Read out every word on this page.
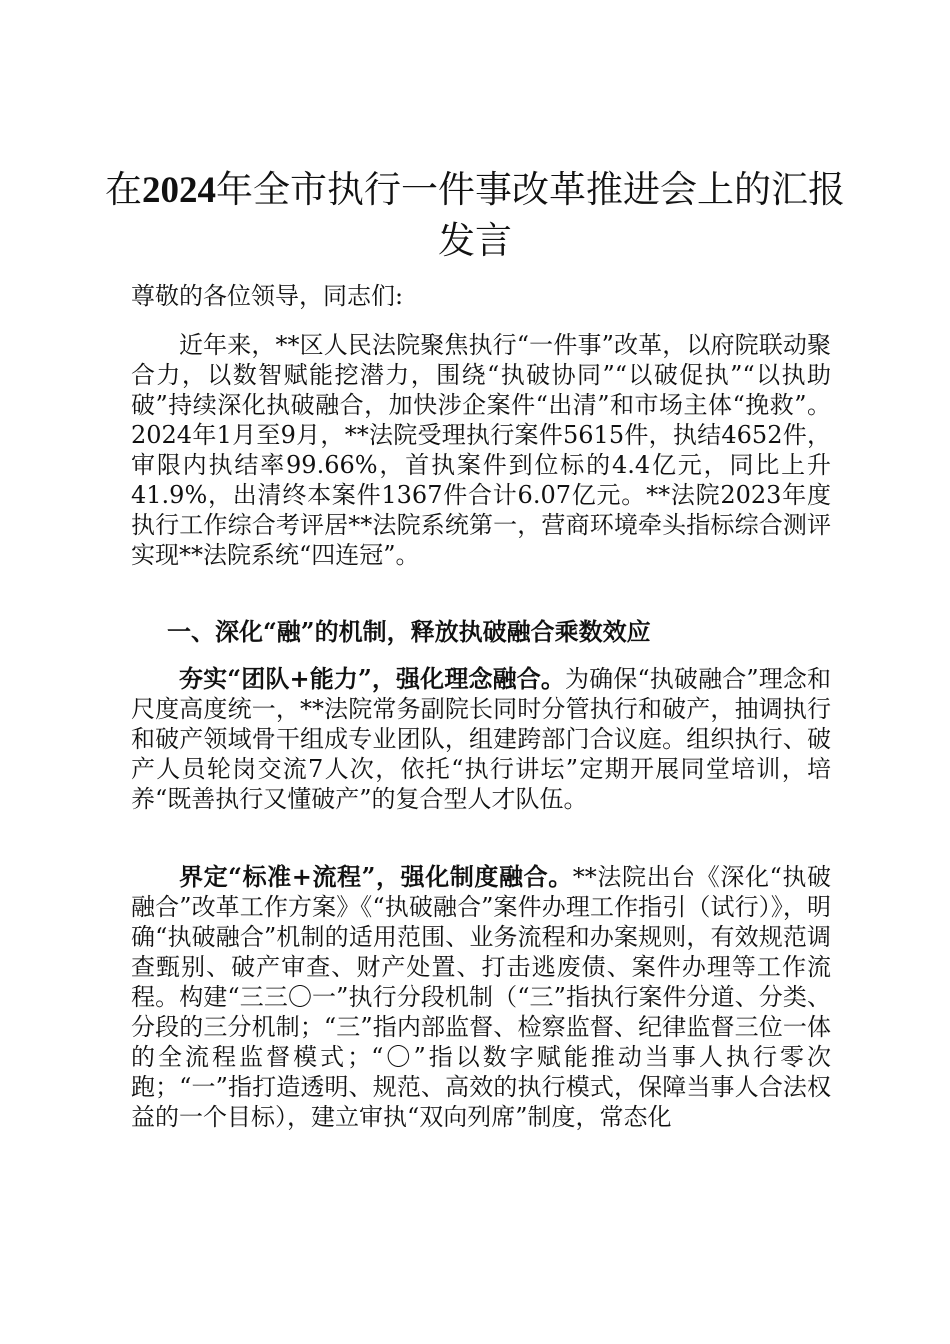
在2024年全市执行一件事改革推进会上的汇报发言

尊敬的各位领导，同志们:

近年来，**区人民法院聚焦执行“一件事”改革，以府院联动聚合力，以数智赋能挖潜力，围绕“执破协同”“以破促执”“以执助破”持续深化执破融合，加快涉企案件“出清”和市场主体“挽救”。2024年1月至9月，**法院受理执行案件5615件，执结4652件，审限内执结率99.66%，首执案件到位标的4.4亿元，同比上升41.9%，出清终本案件1367件合计6.07亿元。**法院2023年度执行工作综合考评居**法院系统第一，营商环境牵头指标综合测评实现**法院系统“四连冠”。

一、深化“融”的机制，释放执破融合乘数效应

夯实“团队+能力”，强化理念融合。为确保“执破融合”理念和尺度高度统一，**法院常务副院长同时分管执行和破产，抽调执行和破产领域骨干组成专业团队，组建跨部门合议庭。组织执行、破产人员轮岗交流7人次，依托“执行讲坛”定期开展同堂培训，培养“既善执行又懂破产”的复合型人才队伍。

界定“标准+流程”，强化制度融合。**法院出台《深化“执破融合”改革工作方案》《“执破融合”案件办理工作指引（试行）》，明确“执破融合”机制的适用范围、业务流程和办案规则，有效规范调查甄别、破产审查、财产处置、打击逃废债、案件办理等工作流程。构建“三三〇一”执行分段机制（“三”指执行案件分道、分类、分段的三分机制；“三”指内部监督、检察监督、纪律监督三位一体的全流程监督模式；“〇”指以数字赋能推动当事人执行零次跑；“一”指打造透明、规范、高效的执行模式，保障当事人合法权益的一个目标），建立审执“双向列席”制度，常态化
